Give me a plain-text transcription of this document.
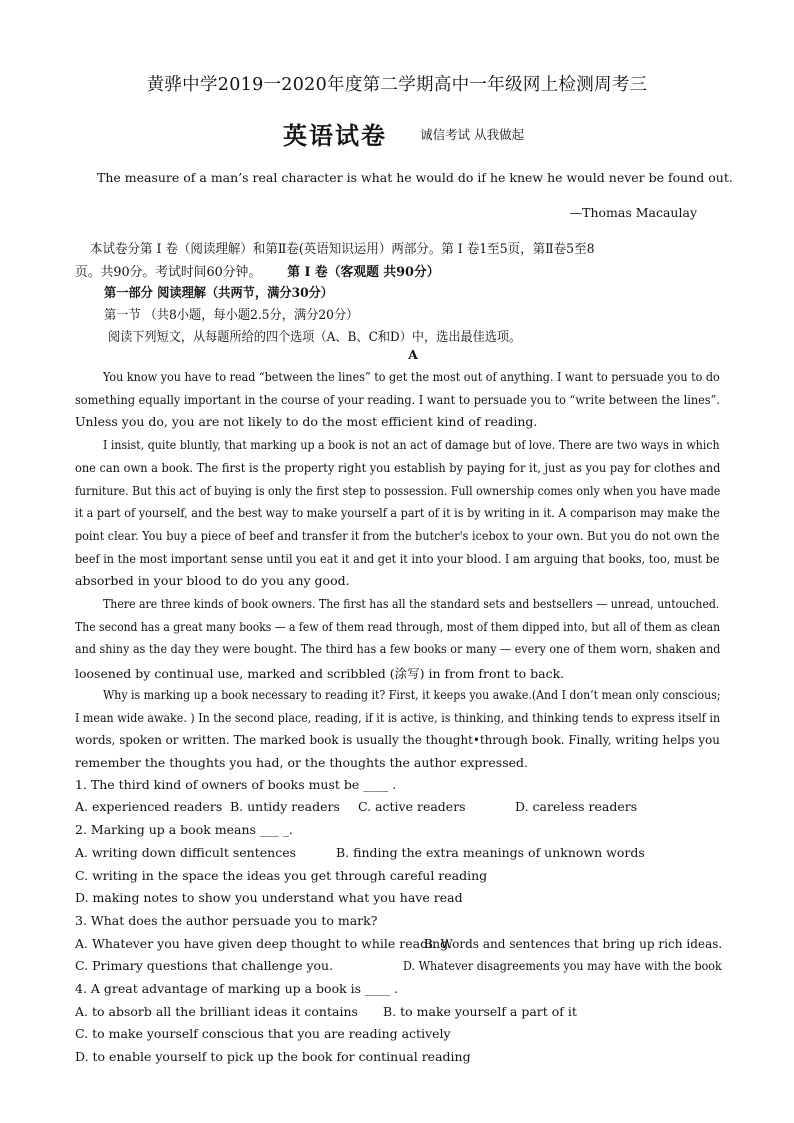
黄骅中学2019一2020年度第二学期高中一年级网上检测周考三
英语试卷	诚信考试 从我做起
The measure of a man’s real character is what he would do if he knew he would never be found out.
—Thomas Macaulay
本试卷分第 I 卷（阅读理解）和第Ⅱ卷(英语知识运用）两部分。第 I 卷1至5页，第Ⅱ卷5至8
页。共90分。考试时间60分钟。 第 I 卷（客观题 共90分）
第一部分 阅读理解（共两节，满分30分）
第一节 （共8小题，每小题2.5分，满分20分）
阅读下列短文，从每题所给的四个选项（A、B、C和D）中，选出最佳选项。
A
You know you have to read “between the lines” to get the most out of anything. I want to persuade you to do
something equally important in the course of your reading. I want to persuade you to “write between the lines”.
Unless you do, you are not likely to do the most efficient kind of reading.
I insist, quite bluntly, that marking up a book is not an act of damage but of love. There are two ways in which
one can own a book. The first is the property right you establish by paying for it, just as you pay for clothes and
furniture. But this act of buying is only the first step to possession. Full ownership comes only when you have made
it a part of yourself, and the best way to make yourself a part of it is by writing in it. A comparison may make the
point clear. You buy a piece of beef and transfer it from the butcher's icebox to your own. But you do not own the
beef in the most important sense until you eat it and get it into your blood. I am arguing that books, too, must be
absorbed in your blood to do you any good.
There are three kinds of book owners. The first has all the standard sets and bestsellers — unread, untouched.
The second has a great many books — a few of them read through, most of them dipped into, but all of them as clean
and shiny as the day they were bought. The third has a few books or many — every one of them worn, shaken and
loosened by continual use, marked and scribbled (涂写) in from front to back.
Why is marking up a book necessary to reading it? First, it keeps you awake.(And I don’t mean only conscious;
I mean wide awake. ) In the second place, reading, if it is active, is thinking, and thinking tends to express itself in
words, spoken or written. The marked book is usually the thought•through book. Finally, writing helps you
remember the thoughts you had, or the thoughts the author expressed.
1. The third kind of owners of books must be ____ .
A. experienced readers B. untidy readers C. active readers	D. careless readers
2. Marking up a book means ___ _.
A. writing down difficult sentences	B. finding the extra meanings of unknown words
C. writing in the space the ideas you get through careful reading
D. making notes to show you understand what you have read
3. What does the author persuade you to mark?
A. Whatever you have given deep thought to while reading.
B. Words and sentences that bring up rich ideas.
C. Primary questions that challenge you.	D. Whatever disagreements you may have with the book
4. A great advantage of marking up a book is ____ .
A. to absorb all the brilliant ideas it contains B. to make yourself a part of it
C. to make yourself conscious that you are reading actively
D. to enable yourself to pick up the book for continual reading
